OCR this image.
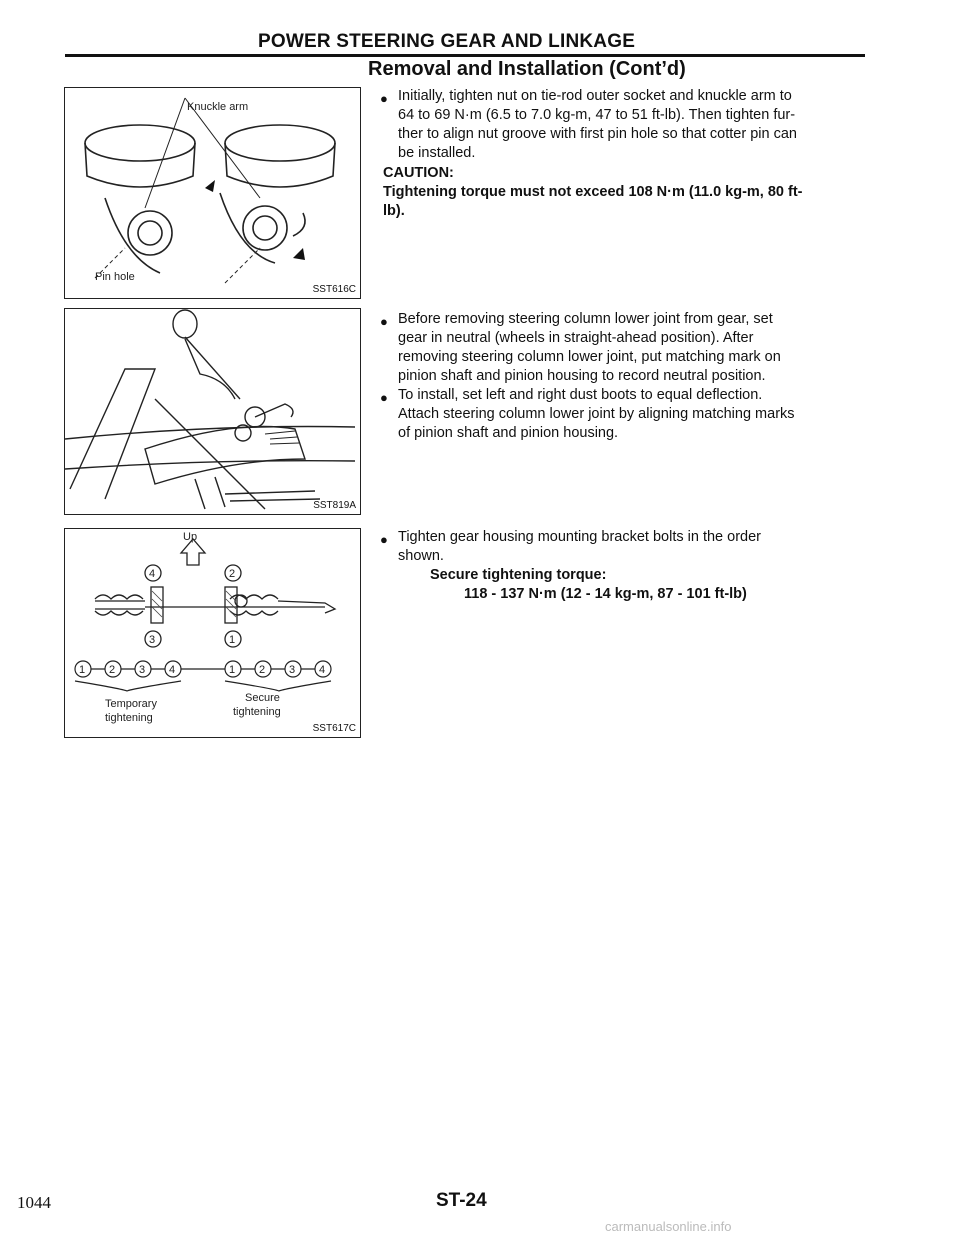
POWER STEERING GEAR AND LINKAGE
Removal and Installation (Cont’d)
Knuckle arm
Pin hole
SST616C
SST819A
Up
4	2
3	1
1 2 3 4	1 2 3 4
Temporary
tightening
Secure
tightening
SST617C
● Initially, tighten nut on tie-rod outer socket and knuckle arm to
64 to 69 N·m (6.5 to 7.0 kg-m, 47 to 51 ft-lb). Then tighten fur-
ther to align nut groove with first pin hole so that cotter pin can
be installed.
CAUTION:
Tightening torque must not exceed 108 N·m (11.0 kg-m, 80 ft-
lb).
● Before removing steering column lower joint from gear, set
gear in neutral (wheels in straight-ahead position). After
removing steering column lower joint, put matching mark on
pinion shaft and pinion housing to record neutral position.
● To install, set left and right dust boots to equal deflection.
Attach steering column lower joint by aligning matching marks
of pinion shaft and pinion housing.
● Tighten gear housing mounting bracket bolts in the order
shown.
Secure tightening torque:
118 - 137 N·m (12 - 14 kg-m, 87 - 101 ft-lb)
1044	ST-24
carmanualsonline.info
